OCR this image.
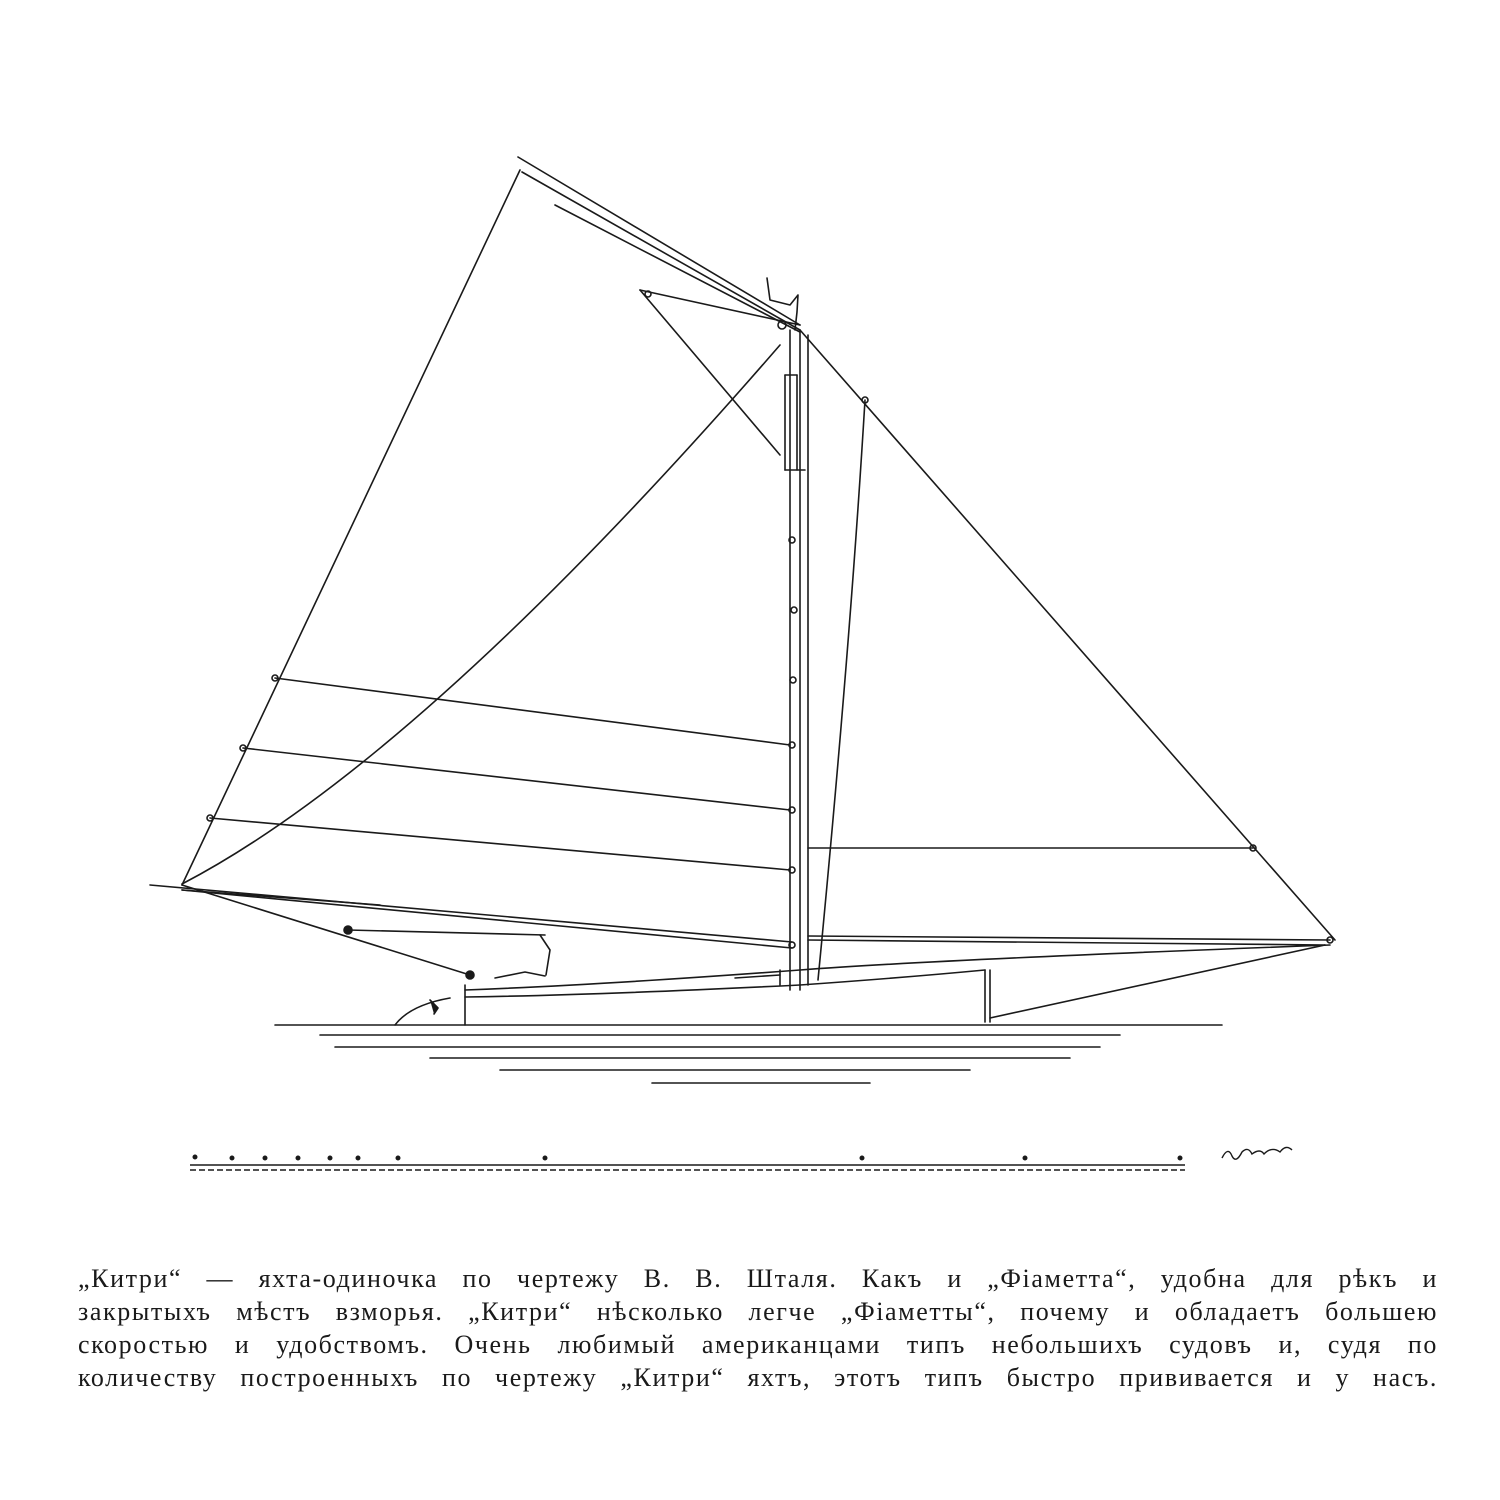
„Китри“ — яхта-одиночка по чертежу В. В. Шталя. Какъ и „Фіаметта“, удобна для рѣкъ и
закрытыхъ мѣстъ взморья. „Китри“ нѣсколько легче „Фіаметты“, почему и обладаетъ большею
скоростью и удобствомъ. Очень любимый американцами типъ небольшихъ судовъ и, судя по
количеству построенныхъ по чертежу „Китри“ яхтъ, этотъ типъ быстро прививается и у насъ.
